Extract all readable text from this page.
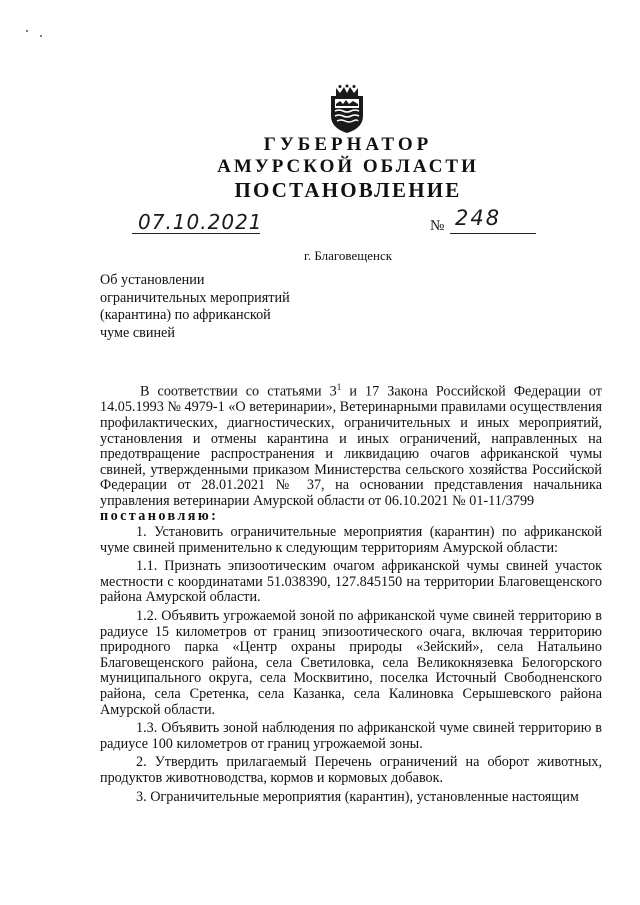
ГУБЕРНАТОР
АМУРСКОЙ ОБЛАСТИ
ПОСТАНОВЛЕНИЕ
07.10.2021	№ 248
г. Благовещенск
Об установлении
ограничительных мероприятий
(карантина) по африканской
чуме свиней
В соответствии со статьями $3^1$ и 17 Закона Российской Федерации от 14.05.1993 № 4979-1 «О ветеринарии», Ветеринарными правилами осуществления профилактических, диагностических, ограничительных и иных мероприятий, установления и отмены карантина и иных ограничений, направленных на предотвращение распространения и ликвидацию очагов африканской чумы свиней, утвержденными приказом Министерства сельского хозяйства Российской Федерации от 28.01.2021 № 37, на основании представления начальника управления ветеринарии Амурской области от 06.10.2021 № 01-11/3799
постановляю:
1. Установить ограничительные мероприятия (карантин) по африканской чуме свиней применительно к следующим территориям Амурской области:
1.1. Признать эпизоотическим очагом африканской чумы свиней участок местности с координатами 51.038390, 127.845150 на территории Благовещенского района Амурской области.
1.2. Объявить угрожаемой зоной по африканской чуме свиней территорию в радиусе 15 километров от границ эпизоотического очага, включая территорию природного парка «Центр охраны природы «Зейский», села Натальино Благовещенского района, села Светиловка, села Великокнязевка Белогорского муниципального округа, села Москвитино, поселка Источный Свободненского района, села Сретенка, села Казанка, села Калиновка Серышевского района Амурской области.
1.3. Объявить зоной наблюдения по африканской чуме свиней территорию в радиусе 100 километров от границ угрожаемой зоны.
2. Утвердить прилагаемый Перечень ограничений на оборот животных, продуктов животноводства, кормов и кормовых добавок.
3. Ограничительные мероприятия (карантин), установленные настоящим
